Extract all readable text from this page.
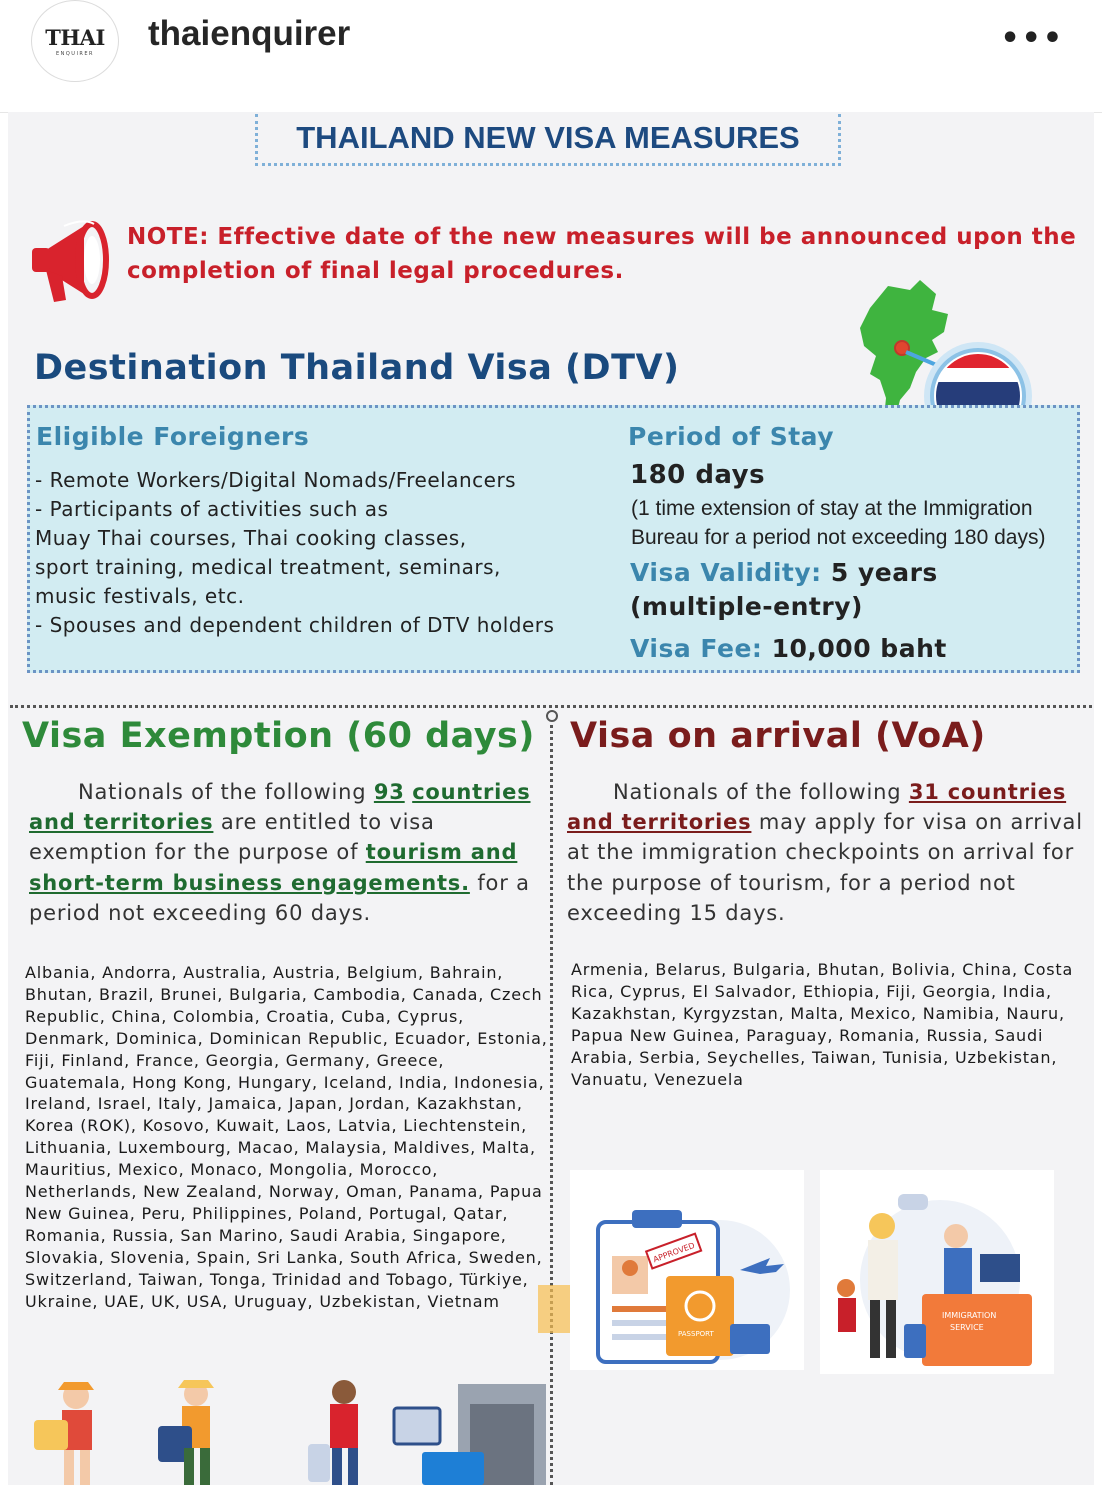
THAI
ENQUIRER
thaienquirer	•••
THAILAND NEW VISA MEASURES
NOTE: Effective date of the new measures will be announced upon the completion of final legal procedures.
Destination Thailand Visa (DTV)
Eligible Foreigners
- Remote Workers/Digital Nomads/Freelancers
- Participants of activities such as
Muay Thai courses, Thai cooking classes,
sport training, medical treatment, seminars,
music festivals, etc.
- Spouses and dependent children of DTV holders
Period of Stay
180 days
(1 time extension of stay at the Immigration
Bureau for a period not exceeding 180 days)
Visa Validity: 5 years
(multiple-entry)
Visa Fee: 10,000 baht
Visa Exemption (60 days) Visa on arrival (VoA)
Nationals of the following 93 countries and territories are entitled to visa exemption for the purpose of tourism and short-term business engagements. for a period not exceeding 60 days.
Nationals of the following 31 countries and territories may apply for visa on arrival at the immigration checkpoints on arrival for the purpose of tourism, for a period not exceeding 15 days.
Albania, Andorra, Australia, Austria, Belgium, Bahrain, Bhutan, Brazil, Brunei, Bulgaria, Cambodia, Canada, Czech Republic, China, Colombia, Croatia, Cuba, Cyprus, Denmark, Dominica, Dominican Republic, Ecuador, Estonia, Fiji, Finland, France, Georgia, Germany, Greece, Guatemala, Hong Kong, Hungary, Iceland, India, Indonesia, Ireland, Israel, Italy, Jamaica, Japan, Jordan, Kazakhstan, Korea (ROK), Kosovo, Kuwait, Laos, Latvia, Liechtenstein, Lithuania, Luxembourg, Macao, Malaysia, Maldives, Malta, Mauritius, Mexico, Monaco, Mongolia, Morocco, Netherlands, New Zealand, Norway, Oman, Panama, Papua New Guinea, Peru, Philippines, Poland, Portugal, Qatar, Romania, Russia, San Marino, Saudi Arabia, Singapore, Slovakia, Slovenia, Spain, Sri Lanka, South Africa, Sweden, Switzerland, Taiwan, Tonga, Trinidad and Tobago, Türkiye, Ukraine, UAE, UK, USA, Uruguay, Uzbekistan, Vietnam
Armenia, Belarus, Bulgaria, Bhutan, Bolivia, China, Costa Rica, Cyprus, El Salvador, Ethiopia, Fiji, Georgia, India, Kazakhstan, Kyrgyzstan, Malta, Mexico, Namibia, Nauru, Papua New Guinea, Paraguay, Romania, Russia, Saudi Arabia, Serbia, Seychelles, Taiwan, Tunisia, Uzbekistan, Vanuatu, Venezuela
PASSPORT
APPROVED
IMMIGRATION
SERVICE
